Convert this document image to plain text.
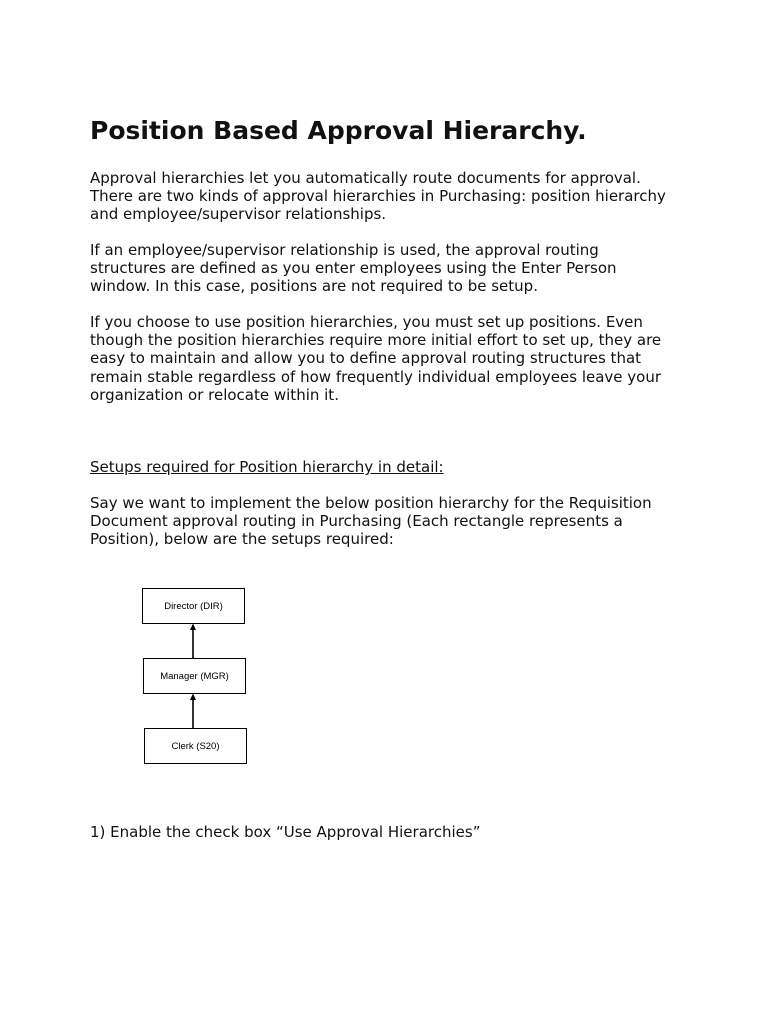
Position Based Approval Hierarchy.

Approval hierarchies let you automatically route documents for approval.
There are two kinds of approval hierarchies in Purchasing: position hierarchy
and employee/supervisor relationships.

If an employee/supervisor relationship is used, the approval routing
structures are defined as you enter employees using the Enter Person
window. In this case, positions are not required to be setup.

If you choose to use position hierarchies, you must set up positions. Even
though the position hierarchies require more initial effort to set up, they are
easy to maintain and allow you to define approval routing structures that
remain stable regardless of how frequently individual employees leave your
organization or relocate within it.

Setups required for Position hierarchy in detail:

Say we want to implement the below position hierarchy for the Requisition
Document approval routing in Purchasing (Each rectangle represents a
Position), below are the setups required:

Director (DIR)
Manager (MGR)
Clerk (S20)

1) Enable the check box “Use Approval Hierarchies”
